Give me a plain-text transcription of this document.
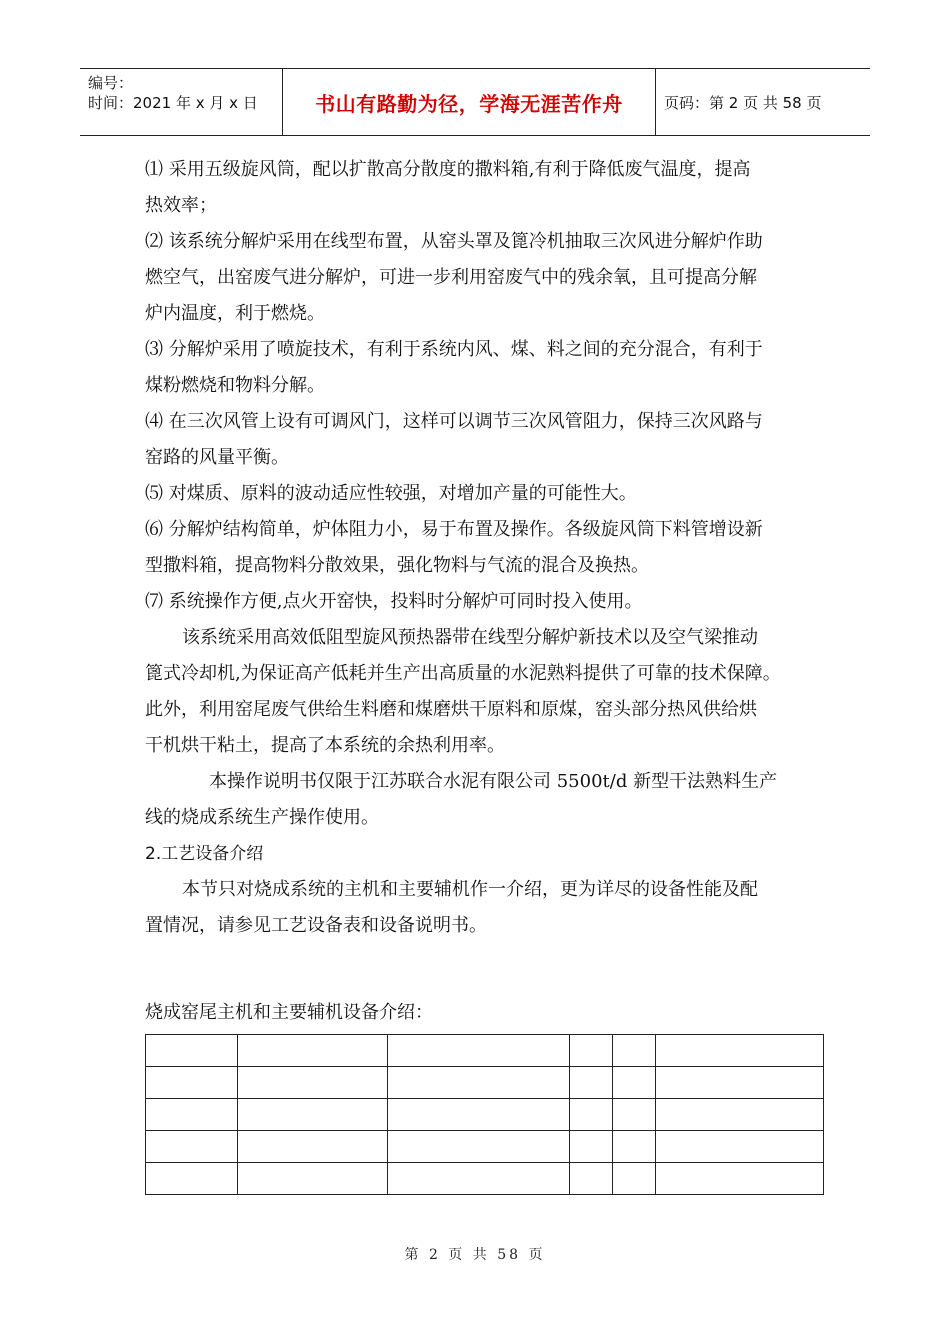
编号：
时间：2021 年 x 月 x 日	书山有路勤为径，学海无涯苦作舟	页码：第 2 页 共 58 页
⑴ 采用五级旋风筒，配以扩散高分散度的撒料箱,有利于降低废气温度，提高
热效率；
⑵ 该系统分解炉采用在线型布置，从窑头罩及篦冷机抽取三次风进分解炉作助
燃空气，出窑废气进分解炉，可进一步利用窑废气中的残余氧，且可提高分解
炉内温度，利于燃烧。
⑶ 分解炉采用了喷旋技术，有利于系统内风、煤、料之间的充分混合，有利于
煤粉燃烧和物料分解。
⑷ 在三次风管上设有可调风门，这样可以调节三次风管阻力，保持三次风路与
窑路的风量平衡。
⑸ 对煤质、原料的波动适应性较强，对增加产量的可能性大。
⑹ 分解炉结构简单，炉体阻力小，易于布置及操作。各级旋风筒下料管增设新
型撒料箱，提高物料分散效果，强化物料与气流的混合及换热。
⑺ 系统操作方便,点火开窑快，投料时分解炉可同时投入使用。
该系统采用高效低阻型旋风预热器带在线型分解炉新技术以及空气梁推动
篦式冷却机,为保证高产低耗并生产出高质量的水泥熟料提供了可靠的技术保障。
此外，利用窑尾废气供给生料磨和煤磨烘干原料和原煤，窑头部分热风供给烘
干机烘干粘土，提高了本系统的余热利用率。
本操作说明书仅限于江苏联合水泥有限公司 5500t/d 新型干法熟料生产
线的烧成系统生产操作使用。
2.工艺设备介绍
本节只对烧成系统的主机和主要辅机作一介绍，更为详尽的设备性能及配
置情况，请参见工艺设备表和设备说明书。
烧成窑尾主机和主要辅机设备介绍：

第 2 页 共 58 页
